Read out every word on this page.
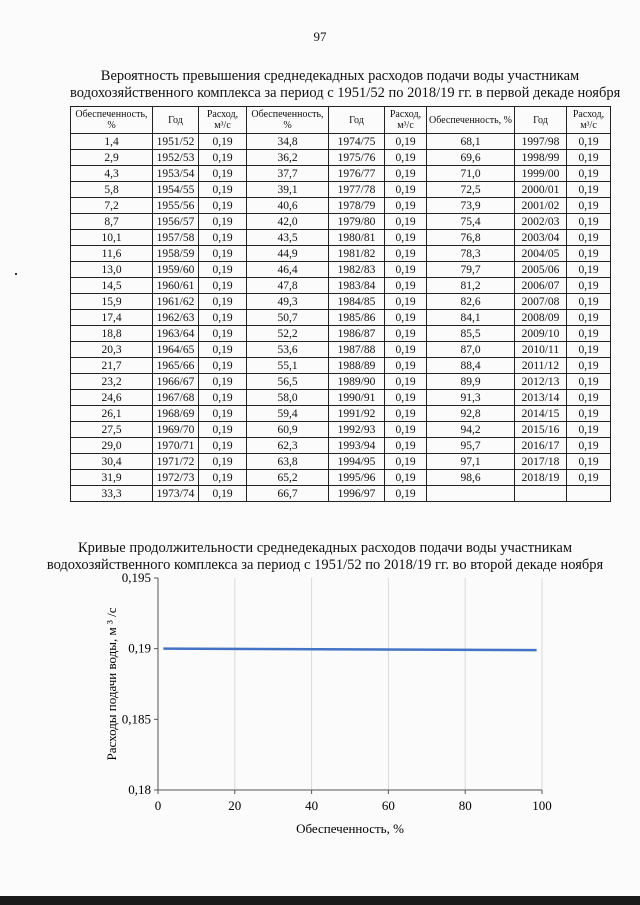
97
Вероятность превышения среднедекадных расходов подачи воды участникам
водохозяйственного комплекса за период с 1951/52 по 2018/19 гг. в первой декаде ноября
Обеспеченность, %	Год	Расход, м³/с	Обеспеченность, %	Год	Расход, м³/с	Обеспеченность, %	Год	Расход, м³/с
1,4	1951/52	0,19	34,8	1974/75	0,19	68,1	1997/98	0,19
2,9	1952/53	0,19	36,2	1975/76	0,19	69,6	1998/99	0,19
4,3	1953/54	0,19	37,7	1976/77	0,19	71,0	1999/00	0,19
5,8	1954/55	0,19	39,1	1977/78	0,19	72,5	2000/01	0,19
7,2	1955/56	0,19	40,6	1978/79	0,19	73,9	2001/02	0,19
8,7	1956/57	0,19	42,0	1979/80	0,19	75,4	2002/03	0,19
10,1	1957/58	0,19	43,5	1980/81	0,19	76,8	2003/04	0,19
11,6	1958/59	0,19	44,9	1981/82	0,19	78,3	2004/05	0,19
13,0	1959/60	0,19	46,4	1982/83	0,19	79,7	2005/06	0,19
14,5	1960/61	0,19	47,8	1983/84	0,19	81,2	2006/07	0,19
15,9	1961/62	0,19	49,3	1984/85	0,19	82,6	2007/08	0,19
17,4	1962/63	0,19	50,7	1985/86	0,19	84,1	2008/09	0,19
18,8	1963/64	0,19	52,2	1986/87	0,19	85,5	2009/10	0,19
20,3	1964/65	0,19	53,6	1987/88	0,19	87,0	2010/11	0,19
21,7	1965/66	0,19	55,1	1988/89	0,19	88,4	2011/12	0,19
23,2	1966/67	0,19	56,5	1989/90	0,19	89,9	2012/13	0,19
24,6	1967/68	0,19	58,0	1990/91	0,19	91,3	2013/14	0,19
26,1	1968/69	0,19	59,4	1991/92	0,19	92,8	2014/15	0,19
27,5	1969/70	0,19	60,9	1992/93	0,19	94,2	2015/16	0,19
29,0	1970/71	0,19	62,3	1993/94	0,19	95,7	2016/17	0,19
30,4	1971/72	0,19	63,8	1994/95	0,19	97,1	2017/18	0,19
31,9	1972/73	0,19	65,2	1995/96	0,19	98,6	2018/19	0,19
33,3	1973/74	0,19	66,7	1996/97	0,19			
Кривые продолжительности среднедекадных расходов подачи воды участникам
водохозяйственного комплекса за период с 1951/52 по 2018/19 гг. во второй декаде ноября
0,18
0,185
0,19
0,195
0	20	40	60	80	100
Обеспеченность, %
Расходы подачи воды, м ³ /с
